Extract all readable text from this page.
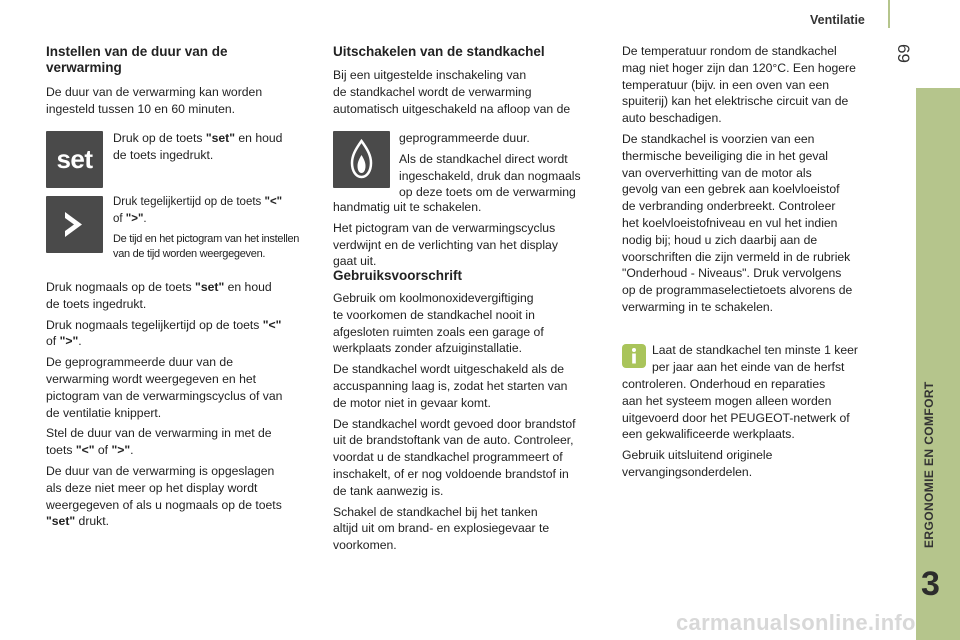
Ventilatie
69
ERGONOMIE EN COMFORT
3

Instellen van de duur van de

verwarming

De duur van de verwarming kan worden

ingesteld tussen 10 en 60 minuten.

set

Druk op de toets "set" en houd

de toets ingedrukt.

Druk tegelijkertijd op de toets "<"

of ">".

De tijd en het pictogram van het instellen

van de tijd worden weergegeven.

Druk nogmaals op de toets "set" en houd

de toets ingedrukt.

Druk nogmaals tegelijkertijd op de toets "<"

of ">".

De geprogrammeerde duur van de

verwarming wordt weergegeven en het

pictogram van de verwarmingscyclus of van

de ventilatie knippert.

Stel de duur van de verwarming in met de

toets "<" of ">".

De duur van de verwarming is opgeslagen

als deze niet meer op het display wordt

weergegeven of als u nogmaals op de toets

"set" drukt.

Uitschakelen van de standkachel

Bij een uitgestelde inschakeling van

de standkachel wordt de verwarming

automatisch uitgeschakeld na afloop van de

geprogrammeerde duur.

Als de standkachel direct wordt

ingeschakeld, druk dan nogmaals

op deze toets om de verwarming

handmatig uit te schakelen.

Het pictogram van de verwarmingscyclus

verdwijnt en de verlichting van het display

gaat uit.

Gebruiksvoorschrift

Gebruik om koolmonoxidevergiftiging

te voorkomen de standkachel nooit in

afgesloten ruimten zoals een garage of

werkplaats zonder afzuiginstallatie.

De standkachel wordt uitgeschakeld als de

accuspanning laag is, zodat het starten van

de motor niet in gevaar komt.

De standkachel wordt gevoed door brandstof

uit de brandstoftank van de auto. Controleer,

voordat u de standkachel programmeert of

inschakelt, of er nog voldoende brandstof in

de tank aanwezig is.

Schakel de standkachel bij het tanken

altijd uit om brand- en explosiegevaar te

voorkomen.

De temperatuur rondom de standkachel

mag niet hoger zijn dan 120°C. Een hogere

temperatuur (bijv. in een oven van een

spuiterij) kan het elektrische circuit van de

auto beschadigen.

De standkachel is voorzien van een

thermische beveiliging die in het geval

van oververhitting van de motor als

gevolg van een gebrek aan koelvloeistof

de verbranding onderbreekt. Controleer

het koelvloeistofniveau en vul het indien

nodig bij; houd u zich daarbij aan de

voorschriften die zijn vermeld in de rubriek

"Onderhoud - Niveaus". Druk vervolgens

op de programmaselectietoets alvorens de

verwarming in te schakelen.

Laat de standkachel ten minste 1 keer

per jaar aan het einde van de herfst

controleren. Onderhoud en reparaties

aan het systeem mogen alleen worden

uitgevoerd door het PEUGEOT-netwerk of

een gekwalificeerde werkplaats.

Gebruik uitsluitend originele

vervangingsonderdelen.

carmanualsonline.info
